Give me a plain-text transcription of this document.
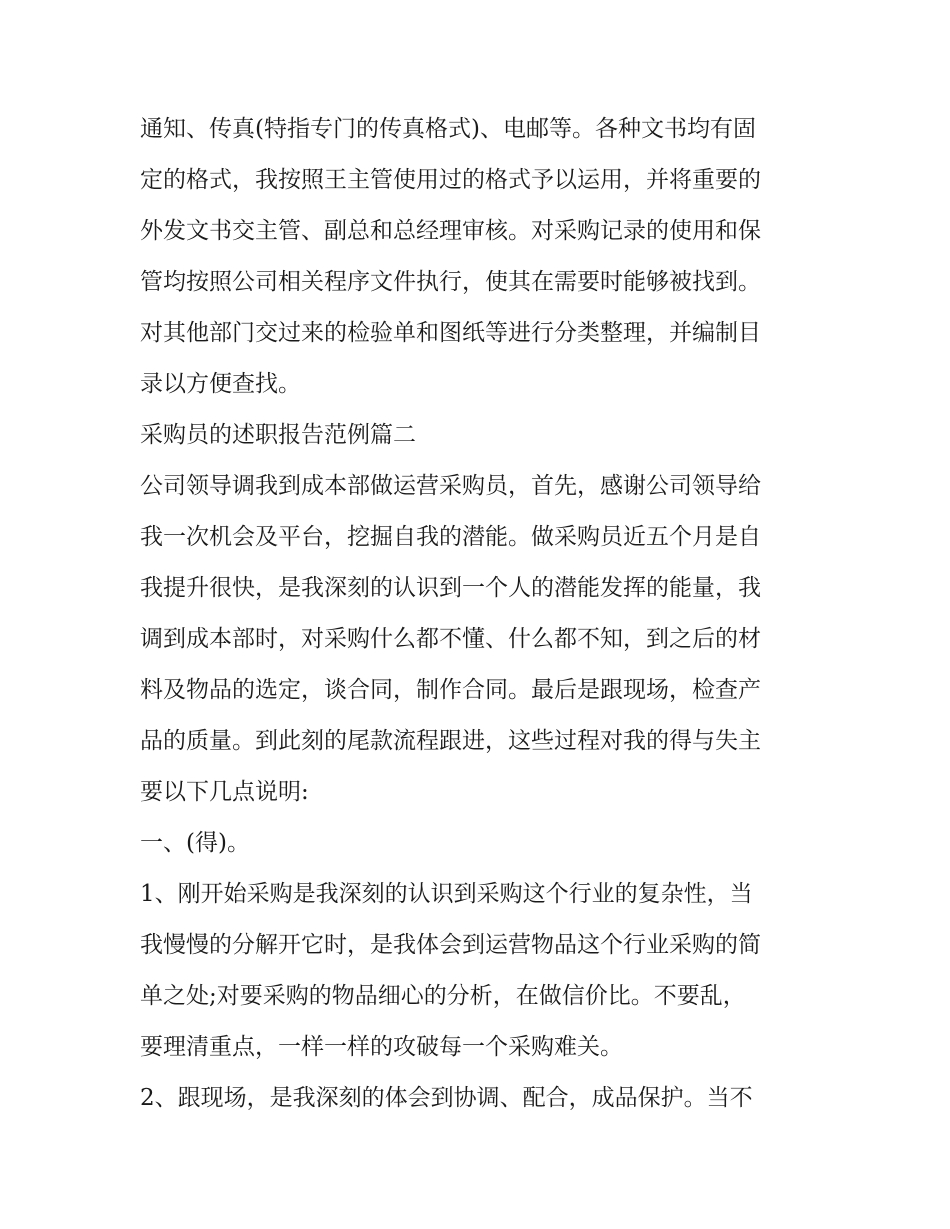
通知、传真(特指专门的传真格式)、电邮等。各种文书均有固
定的格式，我按照王主管使用过的格式予以运用，并将重要的
外发文书交主管、副总和总经理审核。对采购记录的使用和保
管均按照公司相关程序文件执行，使其在需要时能够被找到。
对其他部门交过来的检验单和图纸等进行分类整理，并编制目
录以方便查找。
采购员的述职报告范例篇二
公司领导调我到成本部做运营采购员，首先，感谢公司领导给
我一次机会及平台，挖掘自我的潜能。做采购员近五个月是自
我提升很快，是我深刻的认识到一个人的潜能发挥的能量，我
调到成本部时，对采购什么都不懂、什么都不知，到之后的材
料及物品的选定，谈合同，制作合同。最后是跟现场，检查产
品的质量。到此刻的尾款流程跟进，这些过程对我的得与失主
要以下几点说明:
一、(得)。
1、刚开始采购是我深刻的认识到采购这个行业的复杂性，当
我慢慢的分解开它时，是我体会到运营物品这个行业采购的简
单之处;对要采购的物品细心的分析，在做信价比。不要乱，
要理清重点，一样一样的攻破每一个采购难关。
2、跟现场，是我深刻的体会到协调、配合，成品保护。当不
